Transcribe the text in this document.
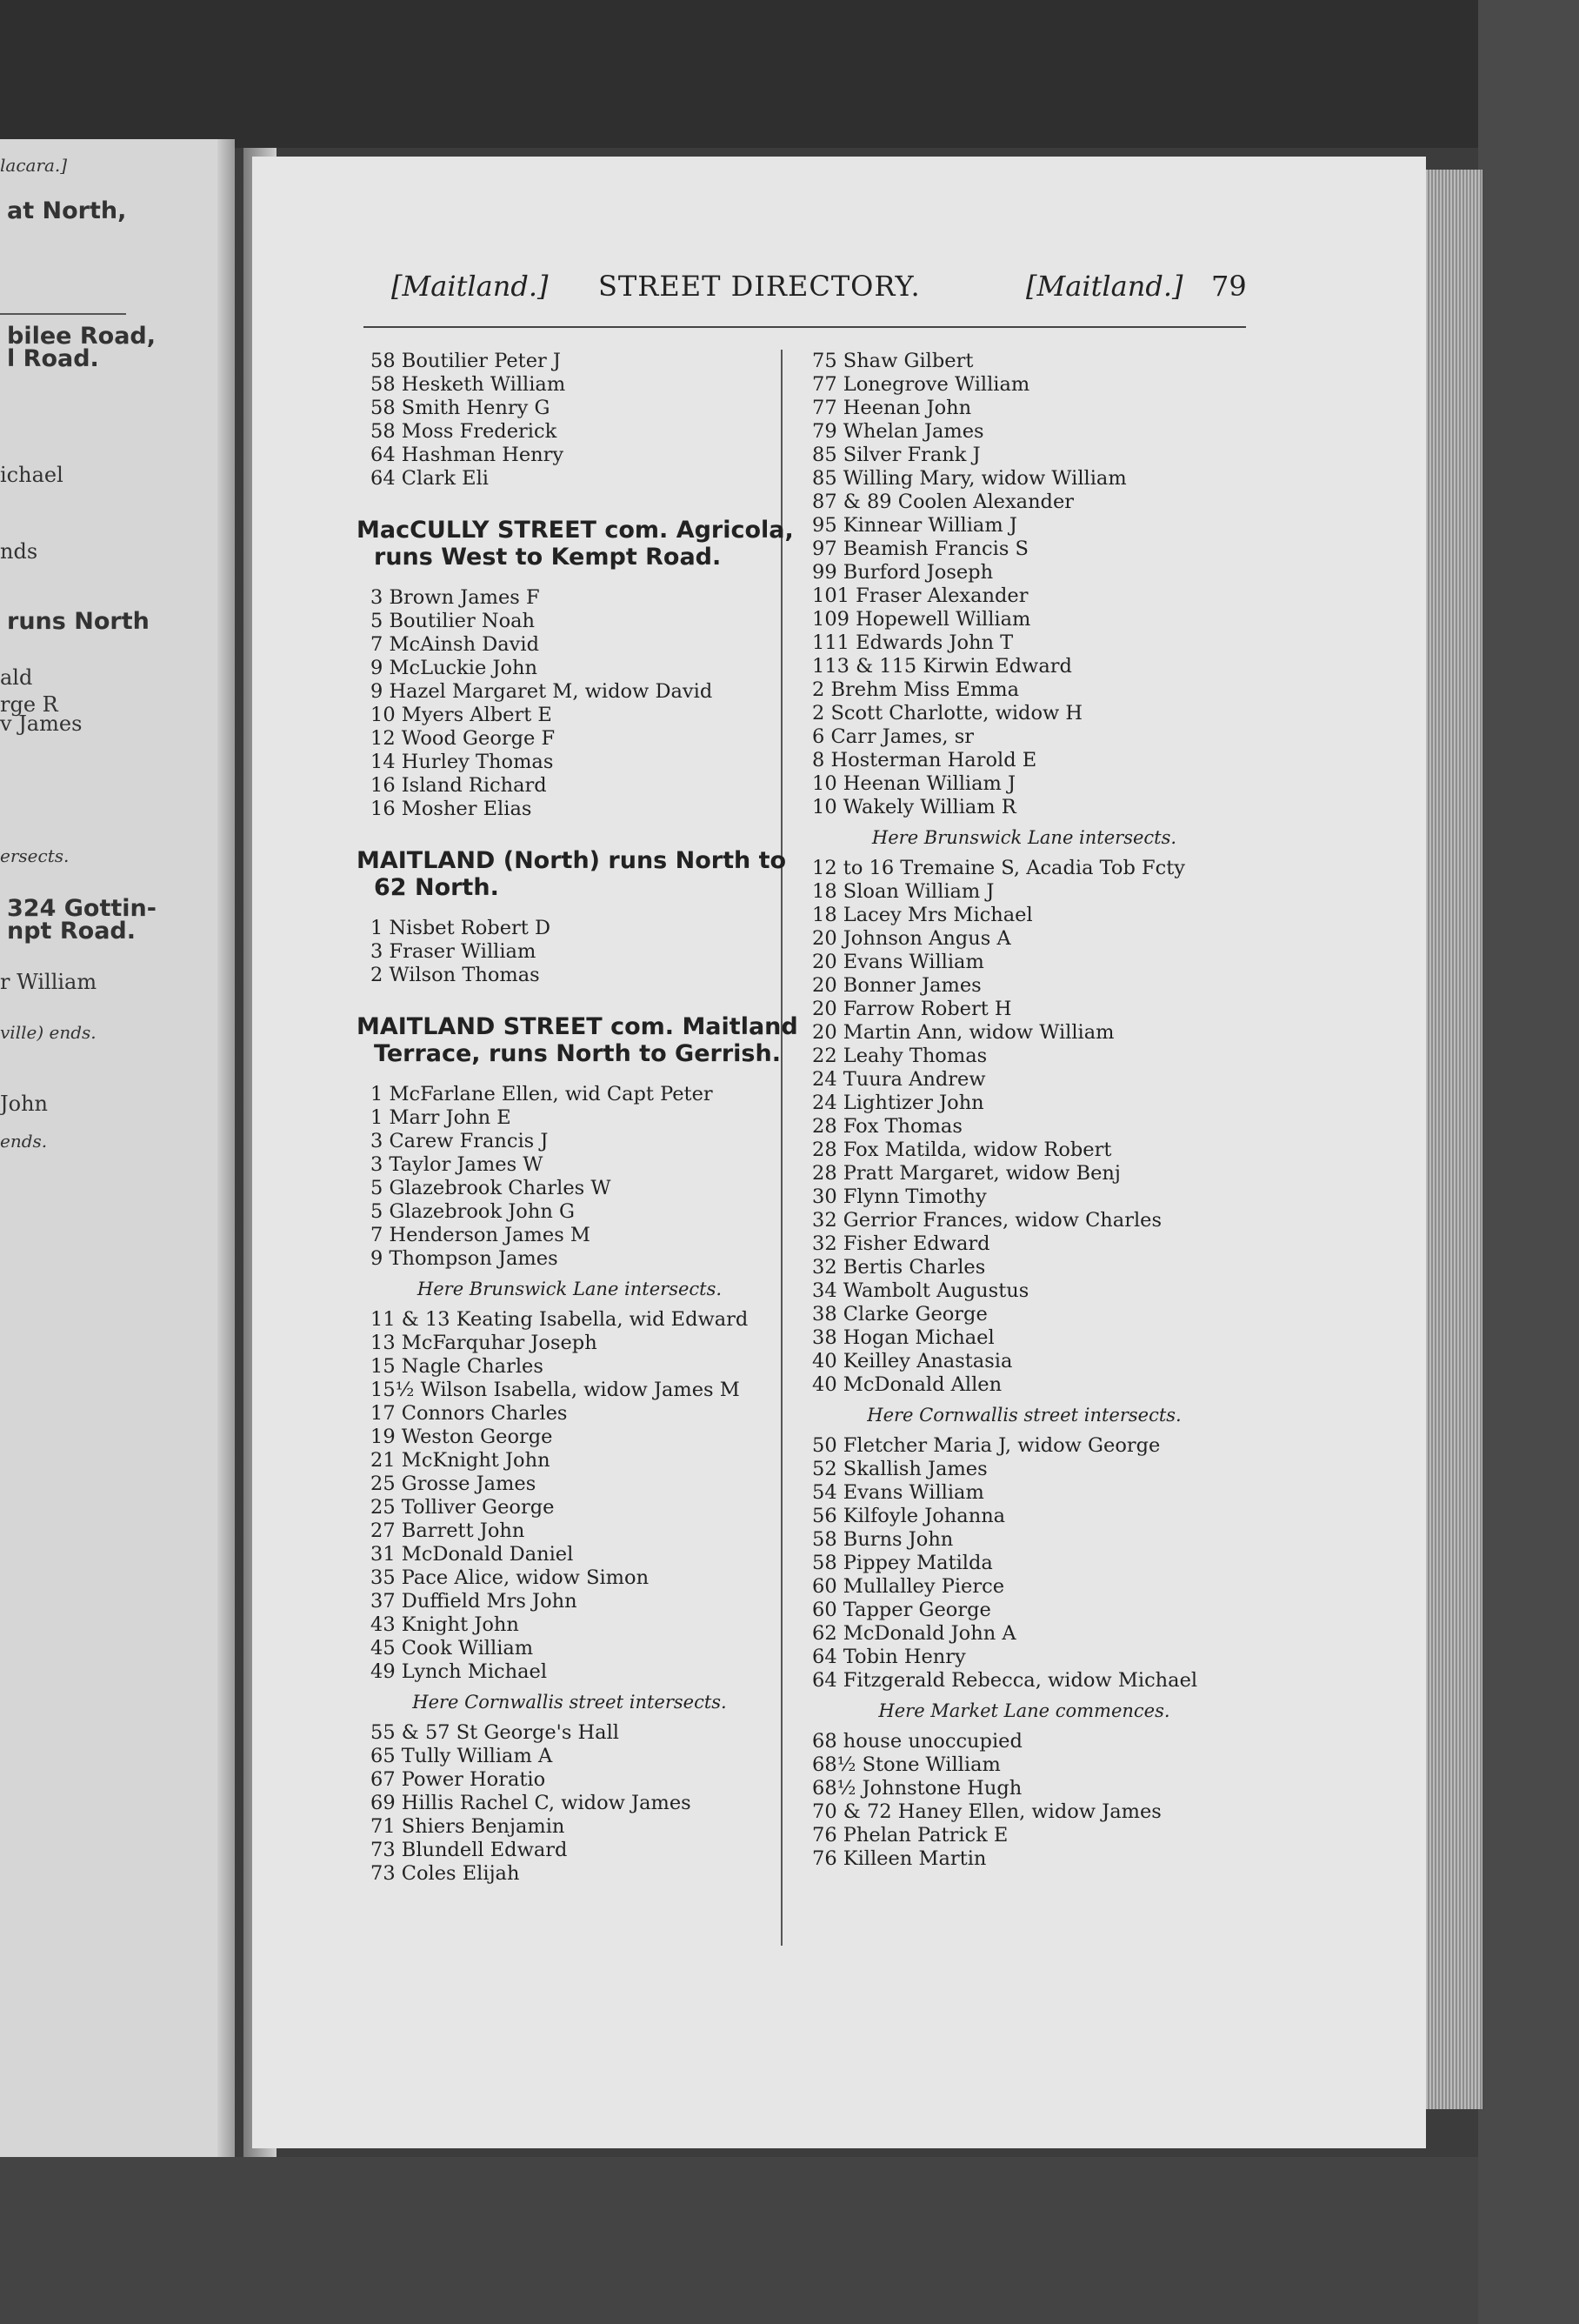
lacara.]
at North,
bilee Road,
l Road.
ichael
nds
runs North
ald
rge R
v James
ersects.
324 Gottin-
npt Road.
r William
ville) ends.
John
ends.
[Maitland.] STREET DIRECTORY.	[Maitland.] 79
58 Boutilier Peter J
58 Hesketh William
58 Smith Henry G
58 Moss Frederick
64 Hashman Henry
64 Clark Eli
MacCULLY STREET com. Agricola,
runs West to Kempt Road.
3 Brown James F
5 Boutilier Noah
7 McAinsh David
9 McLuckie John
9 Hazel Margaret M, widow David
10 Myers Albert E
12 Wood George F
14 Hurley Thomas
16 Island Richard
16 Mosher Elias
MAITLAND (North) runs North to
62 North.
1 Nisbet Robert D
3 Fraser William
2 Wilson Thomas
MAITLAND STREET com. Maitland
Terrace, runs North to Gerrish.
1 McFarlane Ellen, wid Capt Peter
1 Marr John E
3 Carew Francis J
3 Taylor James W
5 Glazebrook Charles W
5 Glazebrook John G
7 Henderson James M
9 Thompson James
Here Brunswick Lane intersects.
11 & 13 Keating Isabella, wid Edward
13 McFarquhar Joseph
15 Nagle Charles
15½ Wilson Isabella, widow James M
17 Connors Charles
19 Weston George
21 McKnight John
25 Grosse James
25 Tolliver George
27 Barrett John
31 McDonald Daniel
35 Pace Alice, widow Simon
37 Duffield Mrs John
43 Knight John
45 Cook William
49 Lynch Michael
Here Cornwallis street intersects.
55 & 57 St George's Hall
65 Tully William A
67 Power Horatio
69 Hillis Rachel C, widow James
71 Shiers Benjamin
73 Blundell Edward
73 Coles Elijah
75 Shaw Gilbert
77 Lonegrove William
77 Heenan John
79 Whelan James
85 Silver Frank J
85 Willing Mary, widow William
87 & 89 Coolen Alexander
95 Kinnear William J
97 Beamish Francis S
99 Burford Joseph
101 Fraser Alexander
109 Hopewell William
111 Edwards John T
113 & 115 Kirwin Edward
2 Brehm Miss Emma
2 Scott Charlotte, widow H
6 Carr James, sr
8 Hosterman Harold E
10 Heenan William J
10 Wakely William R
Here Brunswick Lane intersects.
12 to 16 Tremaine S, Acadia Tob Fcty
18 Sloan William J
18 Lacey Mrs Michael
20 Johnson Angus A
20 Evans William
20 Bonner James
20 Farrow Robert H
20 Martin Ann, widow William
22 Leahy Thomas
24 Tuura Andrew
24 Lightizer John
28 Fox Thomas
28 Fox Matilda, widow Robert
28 Pratt Margaret, widow Benj
30 Flynn Timothy
32 Gerrior Frances, widow Charles
32 Fisher Edward
32 Bertis Charles
34 Wambolt Augustus
38 Clarke George
38 Hogan Michael
40 Keilley Anastasia
40 McDonald Allen
Here Cornwallis street intersects.
50 Fletcher Maria J, widow George
52 Skallish James
54 Evans William
56 Kilfoyle Johanna
58 Burns John
58 Pippey Matilda
60 Mullalley Pierce
60 Tapper George
62 McDonald John A
64 Tobin Henry
64 Fitzgerald Rebecca, widow Michael
Here Market Lane commences.
68 house unoccupied
68½ Stone William
68½ Johnstone Hugh
70 & 72 Haney Ellen, widow James
76 Phelan Patrick E
76 Killeen Martin
